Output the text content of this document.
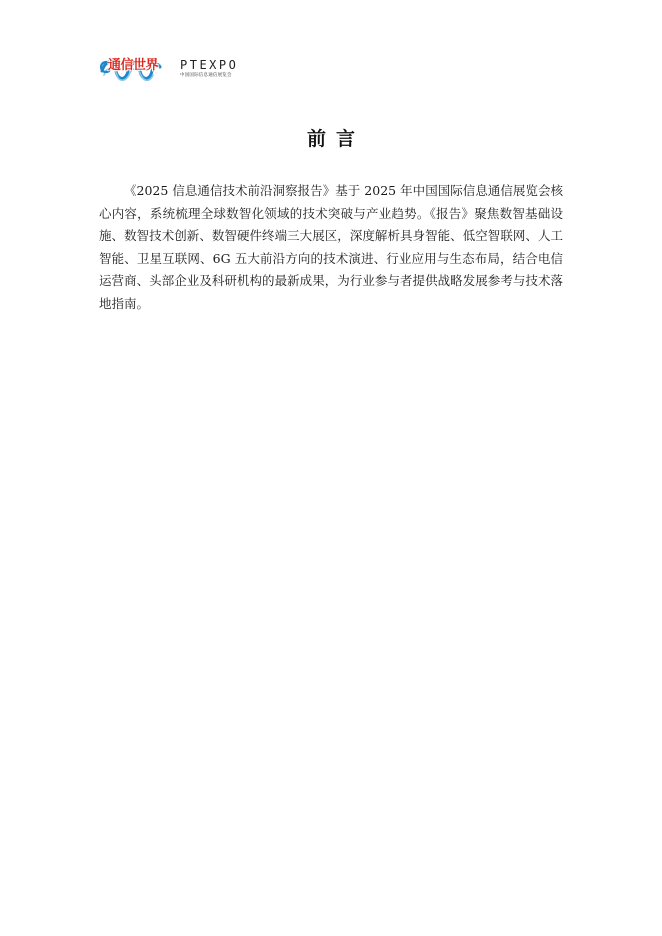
通信世界 PTEXPO
中国国际信息通信展览会
前言

《2025 信息通信技术前沿洞察报告》基于 2025 年中国国际信息通信展览会核心内容，系统梳理全球数智化领域的技术突破与产业趋势。《报告》聚焦数智基础设施、数智技术创新、数智硬件终端三大展区，深度解析具身智能、低空智联网、人工智能、卫星互联网、6G 五大前沿方向的技术演进、行业应用与生态布局，结合电信运营商、头部企业及科研机构的最新成果，为行业参与者提供战略发展参考与技术落地指南。
